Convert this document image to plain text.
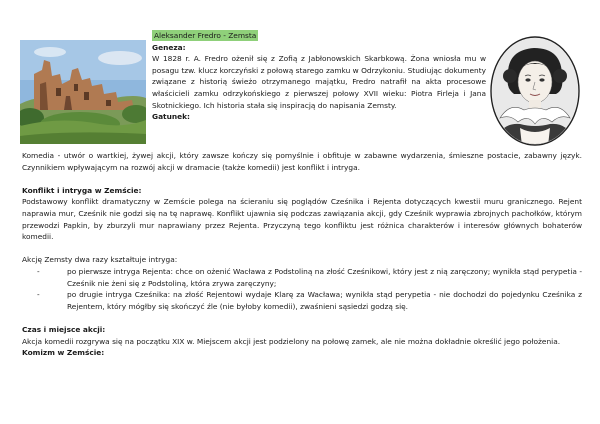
Aleksander Fredro - Zemsta
Geneza:

W 1828 r. A. Fredro ożenił się z Zofią z Jabłonowskich Skarbkową. Żona wniosła mu w posagu tzw. klucz korczyński z połową starego zamku w Odrzykoniu. Studiując dokumenty związane z historią świeżo otrzymanego majątku, Fredro natrafił na akta procesowe właścicieli zamku odrzykońskiego z pierwszej połowy XVII wieku: Piotra Firleja i Jana Skotnickiego. Ich historia stała się inspiracją do napisania Zemsty.

Gatunek:

Komedia - utwór o wartkiej, żywej akcji, który zawsze kończy się pomyślnie i obfituje w zabawne wydarzenia, śmieszne postacie, zabawny język. Czynnikiem wpływającym na rozwój akcji w dramacie (także komedii) jest konflikt i intryga.

Konflikt i intryga w Zemście:

Podstawowy konflikt dramatyczny w Zemście polega na ścieraniu się poglądów Cześnika i Rejenta dotyczących kwestii muru granicznego. Rejent naprawia mur, Cześnik nie godzi się na tę naprawę. Konflikt ujawnia się podczas zawiązania akcji, gdy Cześnik wyprawia zbrojnych pachołków, którym przewodzi Papkin, by zburzyli mur naprawiany przez Rejenta. Przyczyną tego konfliktu jest różnica charakterów i interesów głównych bohaterów komedii.

Akcję Zemsty dwa razy kształtuje intryga:

-	po pierwsze intryga Rejenta: chce on ożenić Wacława z Podstoliną na złość Cześnikowi, który jest z nią zaręczony; wynikła stąd perypetia - Cześnik nie żeni się z Podstoliną, która zrywa zaręczyny;
-	po drugie intryga Cześnika: na złość Rejentowi wydaje Klarę za Wacława; wynikła stąd perypetia - nie dochodzi do pojedynku Cześnika z Rejentem, który mógłby się skończyć źle (nie byłoby komedii), zwaśnieni sąsiedzi godzą się.
Czas i miejsce akcji:

Akcja komedii rozgrywa się na początku XIX w. Miejscem akcji jest podzielony na połowę zamek, ale nie można dokładnie określić jego położenia.

Komizm w Zemście:
